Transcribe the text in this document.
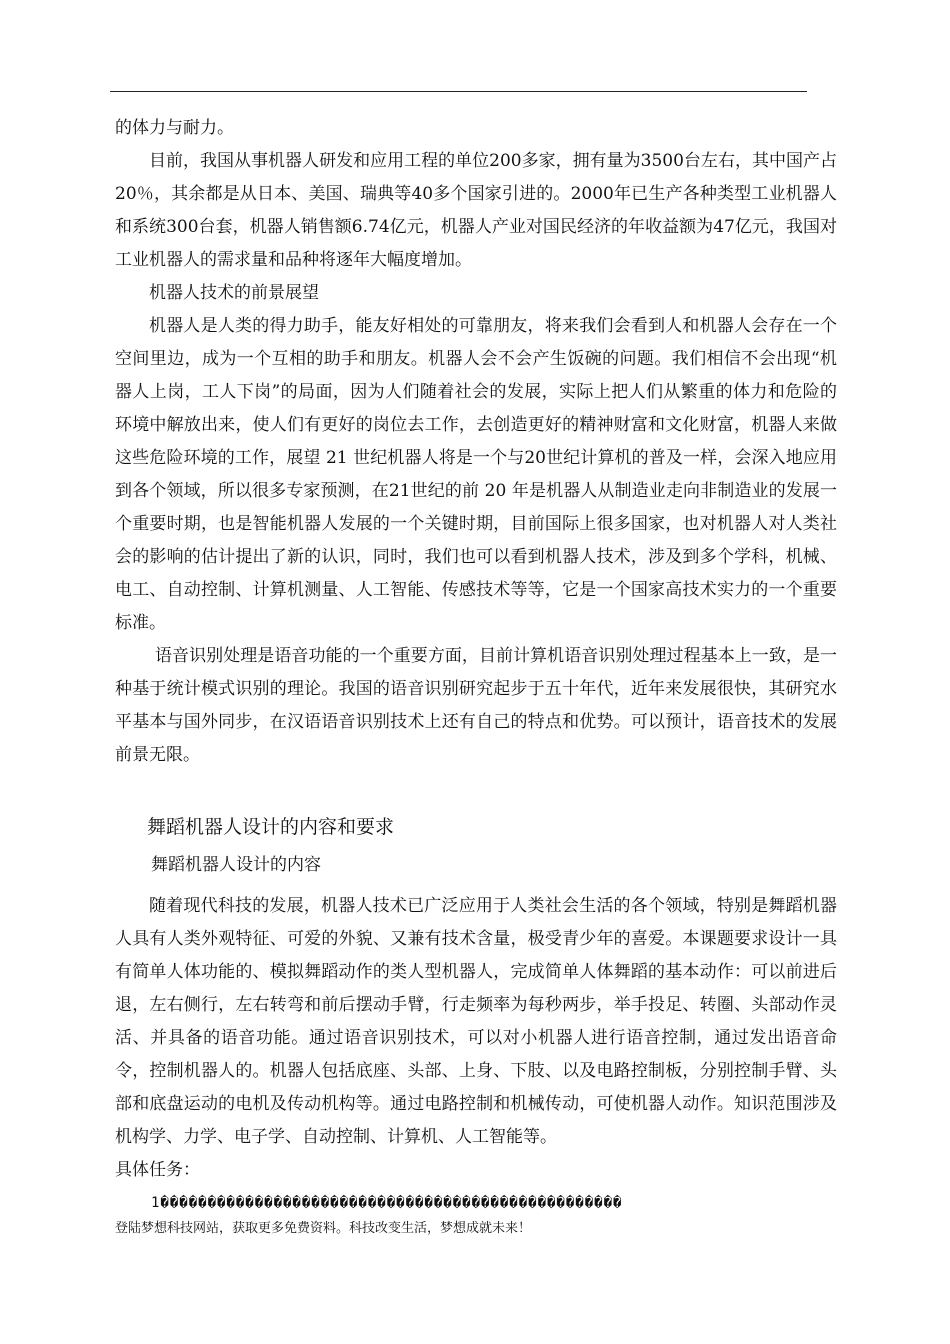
的体力与耐力。

目前，我国从事机器人研发和应用工程的单位200多家，拥有量为3500台左右，其中国产占20％，其余都是从日本、美国、瑞典等40多个国家引进的。2000年已生产各种类型工业机器人和系统300台套，机器人销售额6.74亿元，机器人产业对国民经济的年收益额为47亿元，我国对工业机器人的需求量和品种将逐年大幅度增加。

机器人技术的前景展望

机器人是人类的得力助手，能友好相处的可靠朋友，将来我们会看到人和机器人会存在一个空间里边，成为一个互相的助手和朋友。机器人会不会产生饭碗的问题。我们相信不会出现“机器人上岗，工人下岗”的局面，因为人们随着社会的发展，实际上把人们从繁重的体力和危险的环境中解放出来，使人们有更好的岗位去工作，去创造更好的精神财富和文化财富，机器人来做这些危险环境的工作，展望 21 世纪机器人将是一个与20世纪计算机的普及一样，会深入地应用到各个领域，所以很多专家预测，在21世纪的前 20 年是机器人从制造业走向非制造业的发展一个重要时期，也是智能机器人发展的一个关键时期，目前国际上很多国家，也对机器人对人类社会的影响的估计提出了新的认识，同时，我们也可以看到机器人技术，涉及到多个学科，机械、电工、自动控制、计算机测量、人工智能、传感技术等等，它是一个国家高技术实力的一个重要标准。

语音识别处理是语音功能的一个重要方面，目前计算机语音识别处理过程基本上一致，是一种基于统计模式识别的理论。我国的语音识别研究起步于五十年代，近年来发展很快，其研究水平基本与国外同步，在汉语语音识别技术上还有自己的特点和优势。可以预计，语音技术的发展前景无限。

舞蹈机器人设计的内容和要求
舞蹈机器人设计的内容

随着现代科技的发展，机器人技术已广泛应用于人类社会生活的各个领域，特别是舞蹈机器人具有人类外观特征、可爱的外貌、又兼有技术含量，极受青少年的喜爱。本课题要求设计一具有简单人体功能的、模拟舞蹈动作的类人型机器人，完成简单人体舞蹈的基本动作：可以前进后退，左右侧行，左右转弯和前后摆动手臂，行走频率为每秒两步，举手投足、转圈、头部动作灵活、并具备的语音功能。通过语音识别技术，可以对小机器人进行语音控制，通过发出语音命令，控制机器人的。机器人包括底座、头部、上身、下肢、以及电路控制板，分别控制手臂、头部和底盘运动的电机及传动机构等。通过电路控制和机械传动，可使机器人动作。知识范围涉及机构学、力学、电子学、自动控制、计算机、人工智能等。

具体任务：

1�������������������������������������������������

登陆梦想科技网站，获取更多免费资料。科技改变生活，梦想成就未来！
